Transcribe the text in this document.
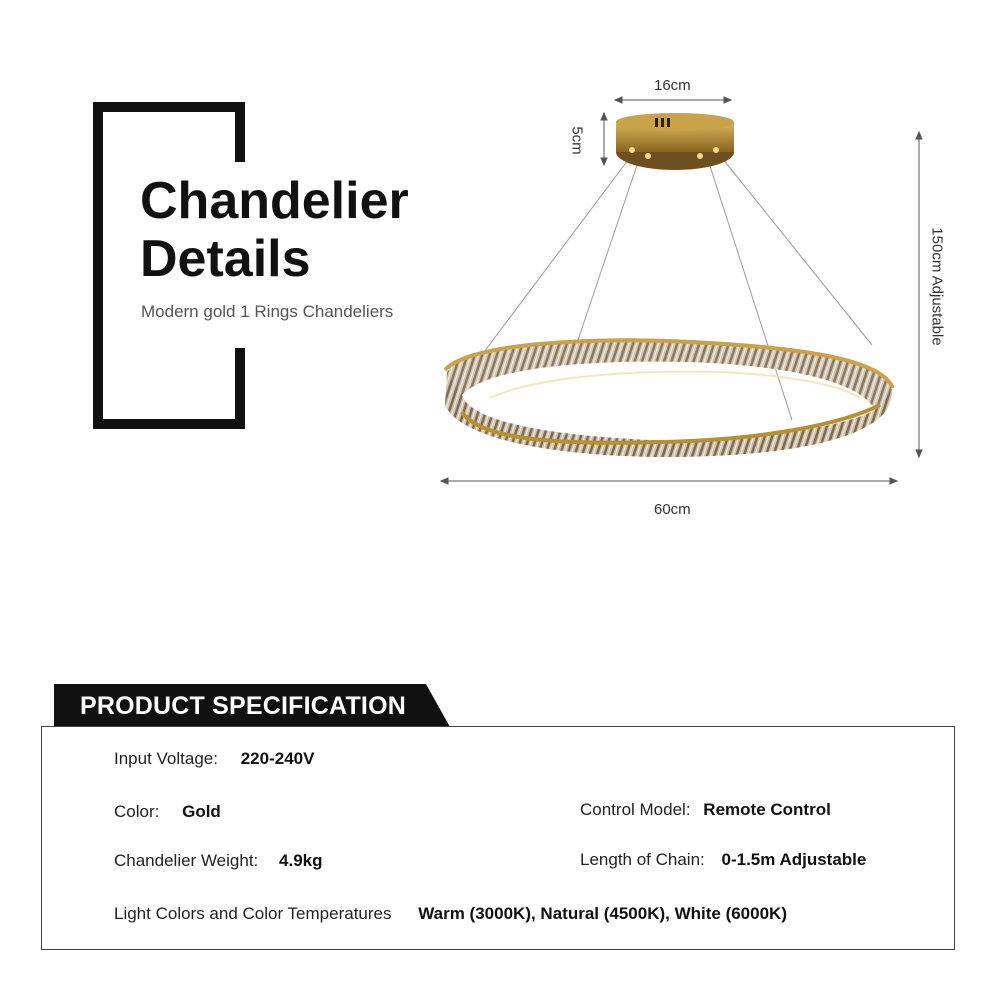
Chandelier
Details
Modern gold 1 Rings Chandeliers
16cm
5cm
150cm Adjustable
60cm
PRODUCT SPECIFICATION
Input Voltage: 220-240V
Color: Gold	Control Model: Remote Control
Chandelier Weight: 4.9kg	Length of Chain: 0-1.5m Adjustable
Light Colors and Color Temperatures Warm (3000K), Natural (4500K), White (6000K)
